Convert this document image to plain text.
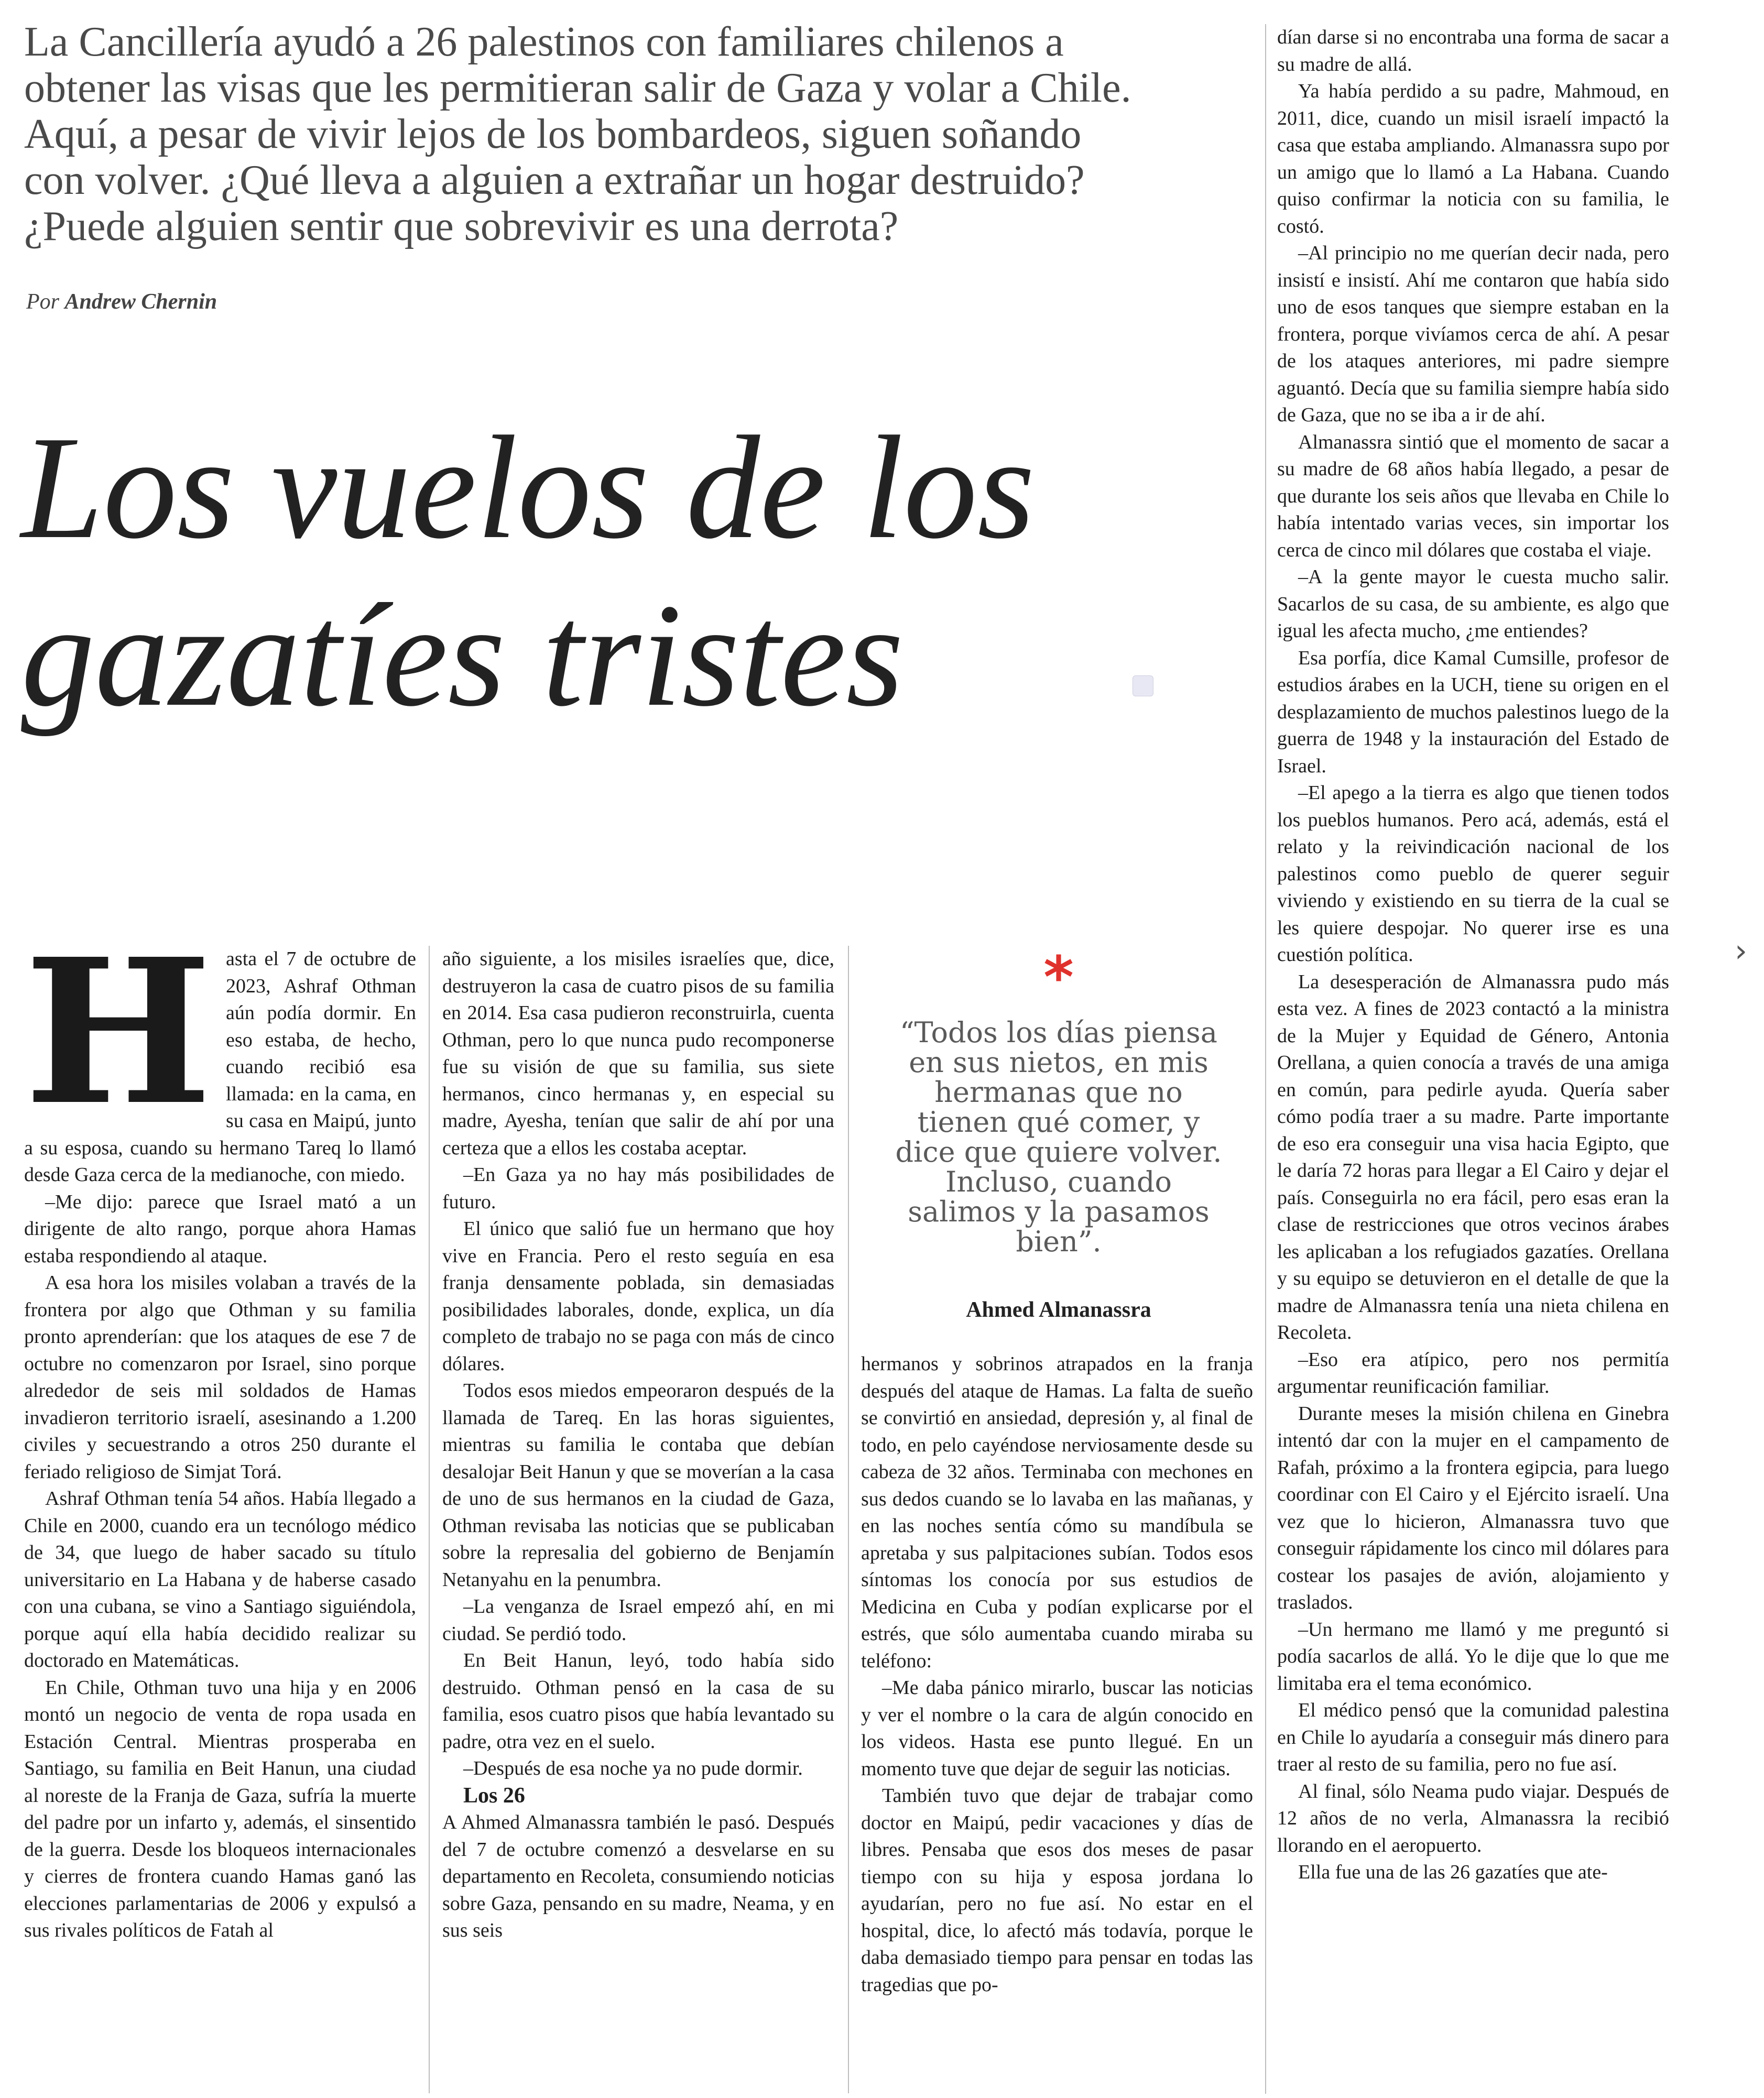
La Cancillería ayudó a 26 palestinos con familiares chilenos a
obtener las visas que les permitieran salir de Gaza y volar a Chile.
Aquí, a pesar de vivir lejos de los bombardeos, siguen soñando
con volver. ¿Qué lleva a alguien a extrañar un hogar destruido?
¿Puede alguien sentir que sobrevivir es una derrota?
Por Andrew Chernin
Los vuelos de los
gazatíes tristes
H asta el 7 de octubre de 2023, Ashraf Othman aún podía dormir. En eso estaba, de hecho, cuando recibió esa llamada: en la cama, en su casa en Maipú, junto a su esposa, cuando su hermano Tareq lo llamó desde Gaza cerca de la medianoche, con miedo.

–Me dijo: parece que Israel mató a un dirigente de alto rango, porque ahora Hamas estaba respondiendo al ataque.

A esa hora los misiles volaban a través de la frontera por algo que Othman y su familia pronto aprenderían: que los ataques de ese 7 de octubre no comenzaron por Israel, sino porque alrededor de seis mil soldados de Hamas invadieron territorio israelí, asesinando a 1.200 civiles y secuestrando a otros 250 durante el feriado religioso de Simjat Torá.

Ashraf Othman tenía 54 años. Había llegado a Chile en 2000, cuando era un tecnólogo médico de 34, que luego de haber sacado su título universitario en La Habana y de haberse casado con una cubana, se vino a Santiago siguiéndola, porque aquí ella había decidido realizar su doctorado en Matemáticas.

En Chile, Othman tuvo una hija y en 2006 montó un negocio de venta de ropa usada en Estación Central. Mientras prosperaba en Santiago, su familia en Beit Hanun, una ciudad al noreste de la Franja de Gaza, sufría la muerte del padre por un infarto y, además, el sinsentido de la guerra. Desde los bloqueos internacionales y cierres de frontera cuando Hamas ganó las elecciones parlamentarias de 2006 y expulsó a sus rivales políticos de Fatah al

año siguiente, a los misiles israelíes que, dice, destruyeron la casa de cuatro pisos de su familia en 2014. Esa casa pudieron reconstruirla, cuenta Othman, pero lo que nunca pudo recomponerse fue su visión de que su familia, sus siete hermanos, cinco hermanas y, en especial su madre, Ayesha, tenían que salir de ahí por una certeza que a ellos les costaba aceptar.

–En Gaza ya no hay más posibilidades de futuro.

El único que salió fue un hermano que hoy vive en Francia. Pero el resto seguía en esa franja densamente poblada, sin demasiadas posibilidades laborales, donde, explica, un día completo de trabajo no se paga con más de cinco dólares.

Todos esos miedos empeoraron después de la llamada de Tareq. En las horas siguientes, mientras su familia le contaba que debían desalojar Beit Hanun y que se moverían a la casa de uno de sus hermanos en la ciudad de Gaza, Othman revisaba las noticias que se publicaban sobre la represalia del gobierno de Benjamín Netanyahu en la penumbra.

–La venganza de Israel empezó ahí, en mi ciudad. Se perdió todo.

En Beit Hanun, leyó, todo había sido destruido. Othman pensó en la casa de su familia, esos cuatro pisos que había levantado su padre, otra vez en el suelo.

–Después de esa noche ya no pude dormir.

Los 26

A Ahmed Almanassra también le pasó. Después del 7 de octubre comenzó a desvelarse en su departamento en Recoleta, consumiendo noticias sobre Gaza, pensando en su madre, Neama, y en sus seis

*
“Todos los días piensa en sus nietos, en mis hermanas que no tienen qué comer, y dice que quiere volver. Incluso, cuando salimos y la pasamos bien”.
Ahmed Almanassra

hermanos y sobrinos atrapados en la franja después del ataque de Hamas. La falta de sueño se convirtió en ansiedad, depresión y, al final de todo, en pelo cayéndose nerviosamente desde su cabeza de 32 años. Terminaba con mechones en sus dedos cuando se lo lavaba en las mañanas, y en las noches sentía cómo su mandíbula se apretaba y sus palpitaciones subían. Todos esos síntomas los conocía por sus estudios de Medicina en Cuba y podían explicarse por el estrés, que sólo aumentaba cuando miraba su teléfono:

–Me daba pánico mirarlo, buscar las noticias y ver el nombre o la cara de algún conocido en los videos. Hasta ese punto llegué. En un momento tuve que dejar de seguir las noticias.

También tuvo que dejar de trabajar como doctor en Maipú, pedir vacaciones y días de libres. Pensaba que esos dos meses de pasar tiempo con su hija y esposa jordana lo ayudarían, pero no fue así. No estar en el hospital, dice, lo afectó más todavía, porque le daba demasiado tiempo para pensar en todas las tragedias que po-

dían darse si no encontraba una forma de sacar a su madre de allá.

Ya había perdido a su padre, Mahmoud, en 2011, dice, cuando un misil israelí impactó la casa que estaba ampliando. Almanassra supo por un amigo que lo llamó a La Habana. Cuando quiso confirmar la noticia con su familia, le costó.

–Al principio no me querían decir nada, pero insistí e insistí. Ahí me contaron que había sido uno de esos tanques que siempre estaban en la frontera, porque vivíamos cerca de ahí. A pesar de los ataques anteriores, mi padre siempre aguantó. Decía que su familia siempre había sido de Gaza, que no se iba a ir de ahí.

Almanassra sintió que el momento de sacar a su madre de 68 años había llegado, a pesar de que durante los seis años que llevaba en Chile lo había intentado varias veces, sin importar los cerca de cinco mil dólares que costaba el viaje.

–A la gente mayor le cuesta mucho salir. Sacarlos de su casa, de su ambiente, es algo que igual les afecta mucho, ¿me entiendes?

Esa porfía, dice Kamal Cumsille, profesor de estudios árabes en la UCH, tiene su origen en el desplazamiento de muchos palestinos luego de la guerra de 1948 y la instauración del Estado de Israel.

–El apego a la tierra es algo que tienen todos los pueblos humanos. Pero acá, además, está el relato y la reivindicación nacional de los palestinos como pueblo de querer seguir viviendo y existiendo en su tierra de la cual se les quiere despojar. No querer irse es una cuestión política.

La desesperación de Almanassra pudo más esta vez. A fines de 2023 contactó a la ministra de la Mujer y Equidad de Género, Antonia Orellana, a quien conocía a través de una amiga en común, para pedirle ayuda. Quería saber cómo podía traer a su madre. Parte importante de eso era conseguir una visa hacia Egipto, que le daría 72 horas para llegar a El Cairo y dejar el país. Conseguirla no era fácil, pero esas eran la clase de restricciones que otros vecinos árabes les aplicaban a los refugiados gazatíes. Orellana y su equipo se detuvieron en el detalle de que la madre de Almanassra tenía una nieta chilena en Recoleta.

–Eso era atípico, pero nos permitía argumentar reunificación familiar.

Durante meses la misión chilena en Ginebra intentó dar con la mujer en el campamento de Rafah, próximo a la frontera egipcia, para luego coordinar con El Cairo y el Ejército israelí. Una vez que lo hicieron, Almanassra tuvo que conseguir rápidamente los cinco mil dólares para costear los pasajes de avión, alojamiento y traslados.

–Un hermano me llamó y me preguntó si podía sacarlos de allá. Yo le dije que lo que me limitaba era el tema económico.

El médico pensó que la comunidad palestina en Chile lo ayudaría a conseguir más dinero para traer al resto de su familia, pero no fue así.

Al final, sólo Neama pudo viajar. Después de 12 años de no verla, Almanassra la recibió llorando en el aeropuerto.

Ella fue una de las 26 gazatíes que ate-

›
